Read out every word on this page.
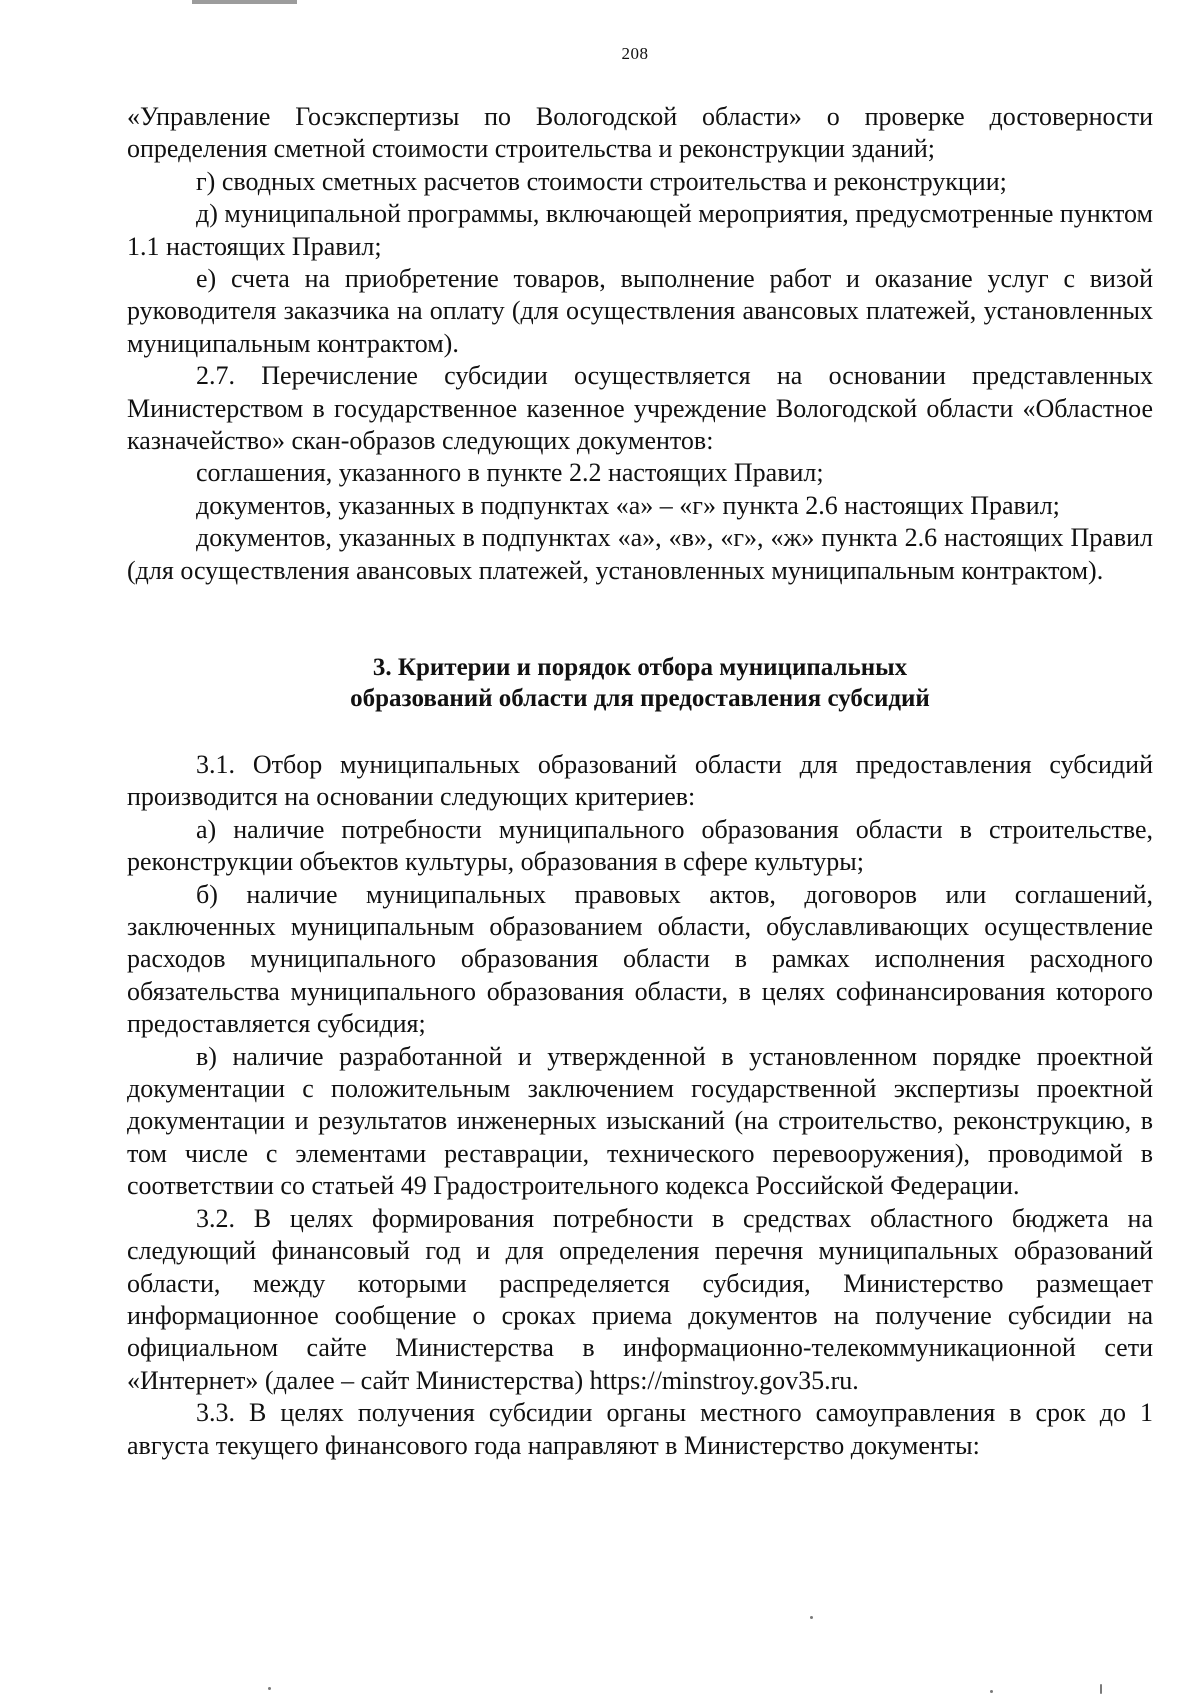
208

«Управление Госэкспертизы по Вологодской области» о проверке достоверности определения сметной стоимости строительства и реконструкции зданий;

г) сводных сметных расчетов стоимости строительства и реконструкции;

д) муниципальной программы, включающей мероприятия, предусмотренные пунктом 1.1 настоящих Правил;

е) счета на приобретение товаров, выполнение работ и оказание услуг с визой руководителя заказчика на оплату (для осуществления авансовых платежей, установленных муниципальным контрактом).

2.7. Перечисление субсидии осуществляется на основании представленных Министерством в государственное казенное учреждение Вологодской области «Областное казначейство» скан-образов следующих документов:

соглашения, указанного в пункте 2.2 настоящих Правил;

документов, указанных в подпунктах «а» – «г» пункта 2.6 настоящих Правил;

документов, указанных в подпунктах «а», «в», «г», «ж» пункта 2.6 настоящих Правил (для осуществления авансовых платежей, установленных муниципальным контрактом).

3. Критерии и порядок отбора муниципальных
образований области для предоставления субсидий

3.1. Отбор муниципальных образований области для предоставления субсидий производится на основании следующих критериев:

а) наличие потребности муниципального образования области в строительстве, реконструкции объектов культуры, образования в сфере культуры;

б) наличие муниципальных правовых актов, договоров или соглашений, заключенных муниципальным образованием области, обуславливающих осуществление расходов муниципального образования области в рамках исполнения расходного обязательства муниципального образования области, в целях софинансирования которого предоставляется субсидия;

в) наличие разработанной и утвержденной в установленном порядке проектной документации с положительным заключением государственной экспертизы проектной документации и результатов инженерных изысканий (на строительство, реконструкцию, в том числе с элементами реставрации, технического перевооружения), проводимой в соответствии со статьей 49 Градостроительного кодекса Российской Федерации.

3.2. В целях формирования потребности в средствах областного бюджета на следующий финансовый год и для определения перечня муниципальных образований области, между которыми распределяется субсидия, Министерство размещает информационное сообщение о сроках приема документов на получение субсидии на официальном сайте Министерства в информационно-телекоммуникационной сети «Интернет» (далее – сайт Министерства) https://minstroy.gov35.ru.

3.3. В целях получения субсидии органы местного самоуправления в срок до 1 августа текущего финансового года направляют в Министерство документы:
